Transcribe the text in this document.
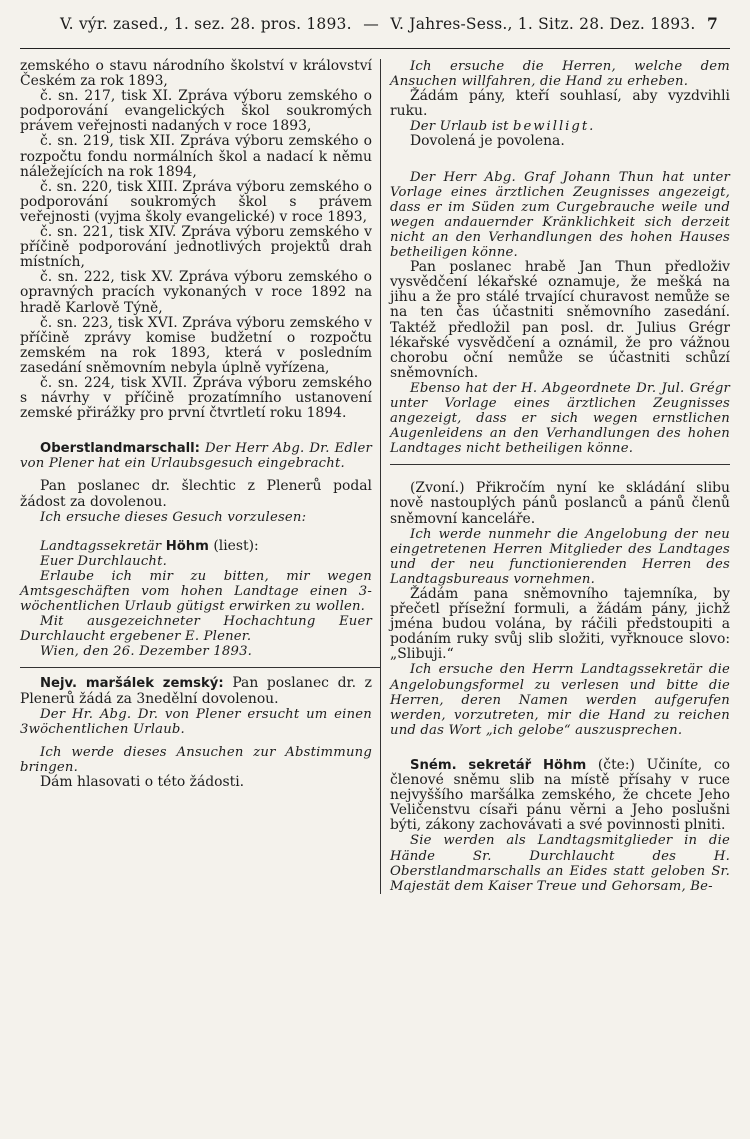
V. výr. zased., 1. sez. 28. pros. 1893. — V. Jahres-Sess., 1. Sitz. 28. Dez. 1893. 7

zemského o stavu národního školství v království Českém za rok 1893,

č. sn. 217, tisk XI. Zpráva výboru zemského o podporování evangelických škol soukromých právem veřejnosti nadaných v roce 1893,

č. sn. 219, tisk XII. Zpráva výboru zemského o rozpočtu fondu normálních škol a nadací k němu náležejících na rok 1894,

č. sn. 220, tisk XIII. Zpráva výboru zemského o podporování soukromých škol s právem veřejnosti (vyjma školy evangelické) v roce 1893,

č. sn. 221, tisk XIV. Zpráva výboru zemského v příčině podporování jednotlivých projektů drah místních,

č. sn. 222, tisk XV. Zpráva výboru zemského o opravných pracích vykonaných v roce 1892 na hradě Karlově Týně,

č. sn. 223, tisk XVI. Zpráva výboru zemského v příčině zprávy komise budžetní o rozpočtu zemském na rok 1893, která v posledním zasedání sněmovním nebyla úplně vyřízena,

č. sn. 224, tisk XVII. Zpráva výboru zemského s návrhy v příčině prozatímního ustanovení zemské přirážky pro první čtvrtletí roku 1894.

Oberstlandmarschall: Der Herr Abg. Dr. Edler von Plener hat ein Urlaubsgesuch eingebracht.

Pan poslanec dr. šlechtic z Plenerů podal žádost za dovolenou.

Ich ersuche dieses Gesuch vorzulesen:

Landtagssekretär Höhm (liest):

Euer Durchlaucht.

Erlaube ich mir zu bitten, mir wegen Amtsgeschäften vom hohen Landtage einen 3-wöchentlichen Urlaub gütigst erwirken zu wollen.

Mit ausgezeichneter Hochachtung Euer Durchlaucht ergebener E. Plener.

Wien, den 26. Dezember 1893.

Nejv. maršálek zemský: Pan poslanec dr. z Plenerů žádá za 3nedělní dovolenou.

Der Hr. Abg. Dr. von Plener ersucht um einen 3wöchentlichen Urlaub.

Ich werde dieses Ansuchen zur Abstimmung bringen.

Dám hlasovati o této žádosti.

Ich ersuche die Herren, welche dem Ansuchen willfahren, die Hand zu erheben.

Žádám pány, kteří souhlasí, aby vyzdvihli ruku.

Der Urlaub ist bewilligt.

Dovolená je povolena.

Der Herr Abg. Graf Johann Thun hat unter Vorlage eines ärztlichen Zeugnisses angezeigt, dass er im Süden zum Curgebrauche weile und wegen andauernder Kränklichkeit sich derzeit nicht an den Verhandlungen des hohen Hauses betheiligen könne.

Pan poslanec hrabě Jan Thun předloživ vysvědčení lékařské oznamuje, že mešká na jihu a že pro stálé trvající churavost nemůže se na ten čas účastniti sněmovního zasedání. Taktéž předložil pan posl. dr. Julius Grégr lékařské vysvědčení a oznámil, že pro vážnou chorobu oční nemůže se účastniti schůzí sněmovních.

Ebenso hat der H. Abgeordnete Dr. Jul. Grégr unter Vorlage eines ärztlichen Zeugnisses angezeigt, dass er sich wegen ernstlichen Augenleidens an den Verhandlungen des hohen Landtages nicht betheiligen könne.

(Zvoní.) Přikročím nyní ke skládání slibu nově nastouplých pánů poslanců a pánů členů sněmovní kanceláře.

Ich werde nunmehr die Angelobung der neu eingetretenen Herren Mitglieder des Landtages und der neu functionierenden Herren des Landtagsbureaus vornehmen.

Žádám pana sněmovního tajemníka, by přečetl přísežní formuli, a žádám pány, jichž jména budou volána, by ráčili předstoupiti a podáním ruky svůj slib složiti, vyřknouce slovo: „Slibuji.“

Ich ersuche den Herrn Landtagssekretär die Angelobungsformel zu verlesen und bitte die Herren, deren Namen werden aufgerufen werden, vorzutreten, mir die Hand zu reichen und das Wort „ich gelobe“ auszusprechen.

Sném. sekretář Höhm (čte:) Učiníte, co členové sněmu slib na místě přísahy v ruce nejvyššího maršálka zemského, že chcete Jeho Veličenstvu císaři pánu věrni a Jeho poslušni býti, zákony zachovávati a své povinnosti plniti.

Sie werden als Landtagsmitglieder in die Hände Sr. Durchlaucht des H. Oberstlandmarschalls an Eides statt geloben Sr. Majestät dem Kaiser Treue und Gehorsam, Be-
